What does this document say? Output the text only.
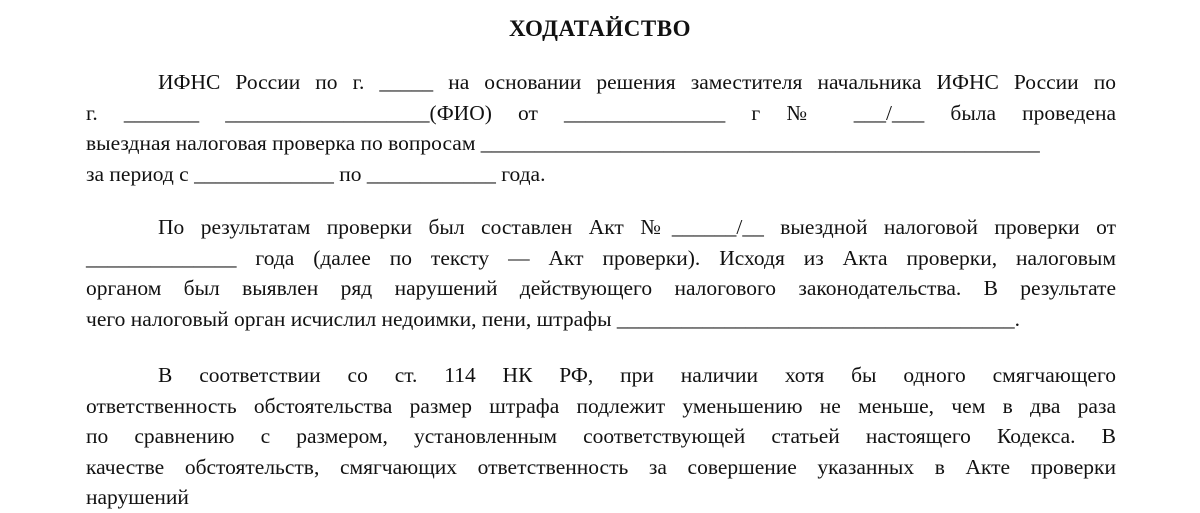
ХОДАТАЙСТВО
ИФНС России по г. _____ на основании решения заместителя начальника ИФНС России по
г. _______ ___________________(ФИО) от _______________ г № ___/___ была проведена
выездная налоговая проверка по вопросам ____________________________________________________
за период с _____________ по ____________ года.
По результатам проверки был составлен Акт №______/__ выездной налоговой проверки от
______________ года (далее по тексту — Акт проверки). Исходя из Акта проверки, налоговым
органом был выявлен ряд нарушений действующего налогового законодательства. В результате
чего налоговый орган исчислил недоимки, пени, штрафы _____________________________________.
В соответствии со ст. 114 НК РФ, при наличии хотя бы одного смягчающего
ответственность обстоятельства размер штрафа подлежит уменьшению не меньше, чем в два раза
по сравнению с размером, установленным соответствующей статьей настоящего Кодекса. В
качестве обстоятельств, смягчающих ответственность за совершение указанных в Акте проверки
нарушений
